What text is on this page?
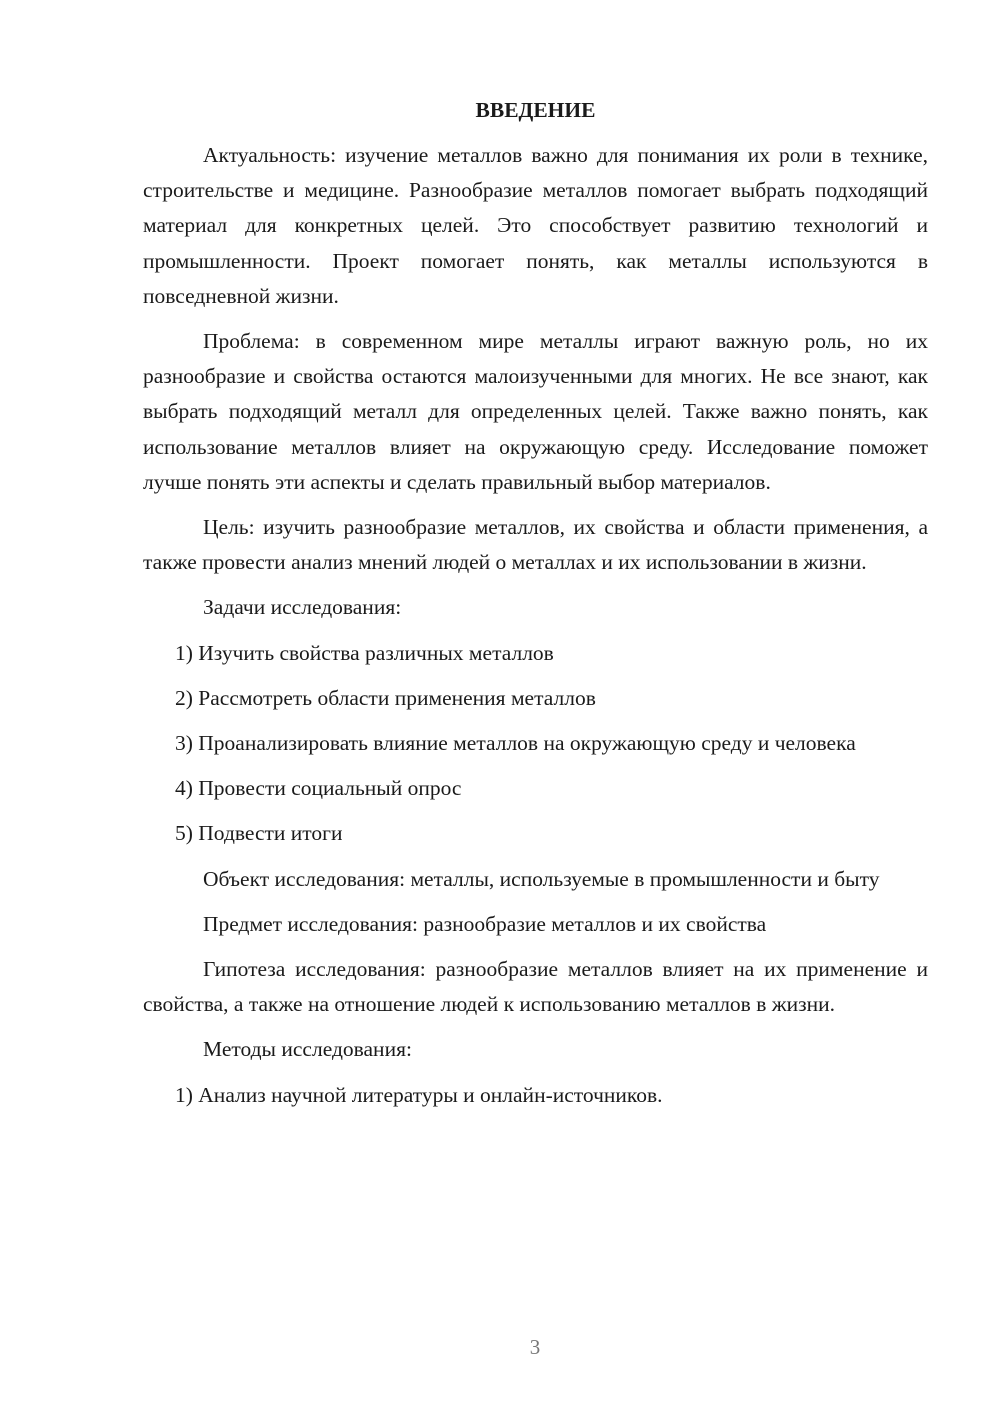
ВВЕДЕНИЕ

Актуальность: изучение металлов важно для понимания их роли в технике, строительстве и медицине. Разнообразие металлов помогает выбрать подходящий материал для конкретных целей. Это способствует развитию технологий и промышленности. Проект помогает понять, как металлы используются в повседневной жизни.

Проблема: в современном мире металлы играют важную роль, но их разнообразие и свойства остаются малоизученными для многих. Не все знают, как выбрать подходящий металл для определенных целей. Также важно понять, как использование металлов влияет на окружающую среду. Исследование поможет лучше понять эти аспекты и сделать правильный выбор материалов.

Цель: изучить разнообразие металлов, их свойства и области применения, а также провести анализ мнений людей о металлах и их использовании в жизни.

Задачи исследования:

1) Изучить свойства различных металлов

2) Рассмотреть области применения металлов

3) Проанализировать влияние металлов на окружающую среду и человека

4) Провести социальный опрос

5) Подвести итоги

Объект исследования: металлы, используемые в промышленности и быту

Предмет исследования: разнообразие металлов и их свойства

Гипотеза исследования: разнообразие металлов влияет на их применение и свойства, а также на отношение людей к использованию металлов в жизни.

Методы исследования:

1) Анализ научной литературы и онлайн-источников.

3
